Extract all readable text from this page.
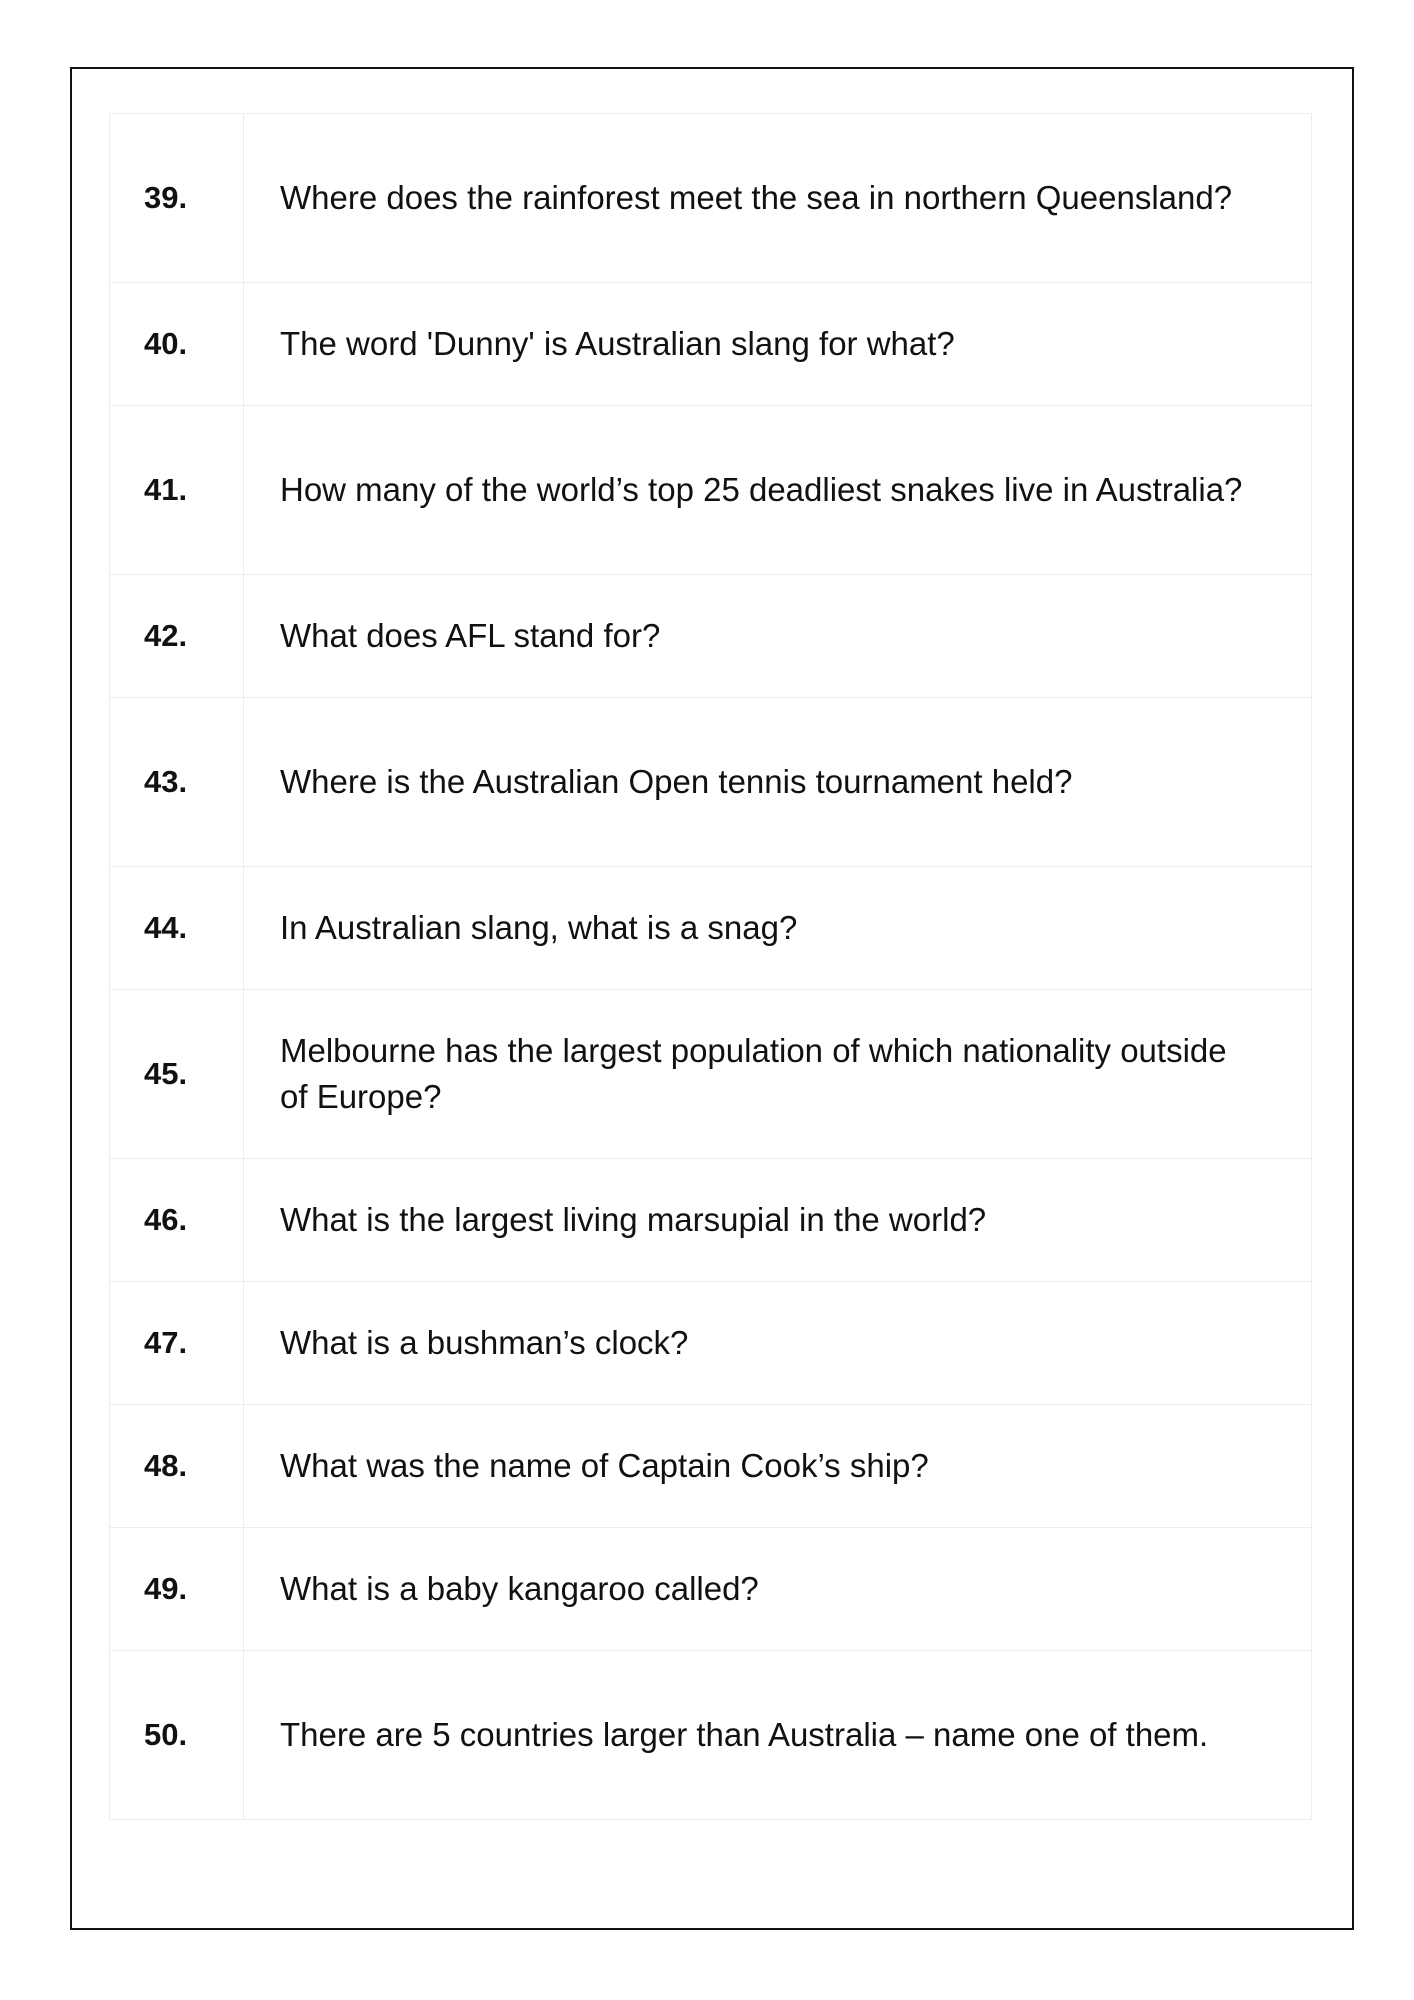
39.	Where does the rainforest meet the sea in northern Queensland?
40.	The word 'Dunny' is Australian slang for what?
41.	How many of the world’s top 25 deadliest snakes live in Australia?
42.	What does AFL stand for?
43.	Where is the Australian Open tennis tournament held?
44.	In Australian slang, what is a snag?
45.	Melbourne has the largest population of which nationality outside of Europe?
46.	What is the largest living marsupial in the world?
47.	What is a bushman’s clock?
48.	What was the name of Captain Cook’s ship?
49.	What is a baby kangaroo called?
50.	There are 5 countries larger than Australia – name one of them.
